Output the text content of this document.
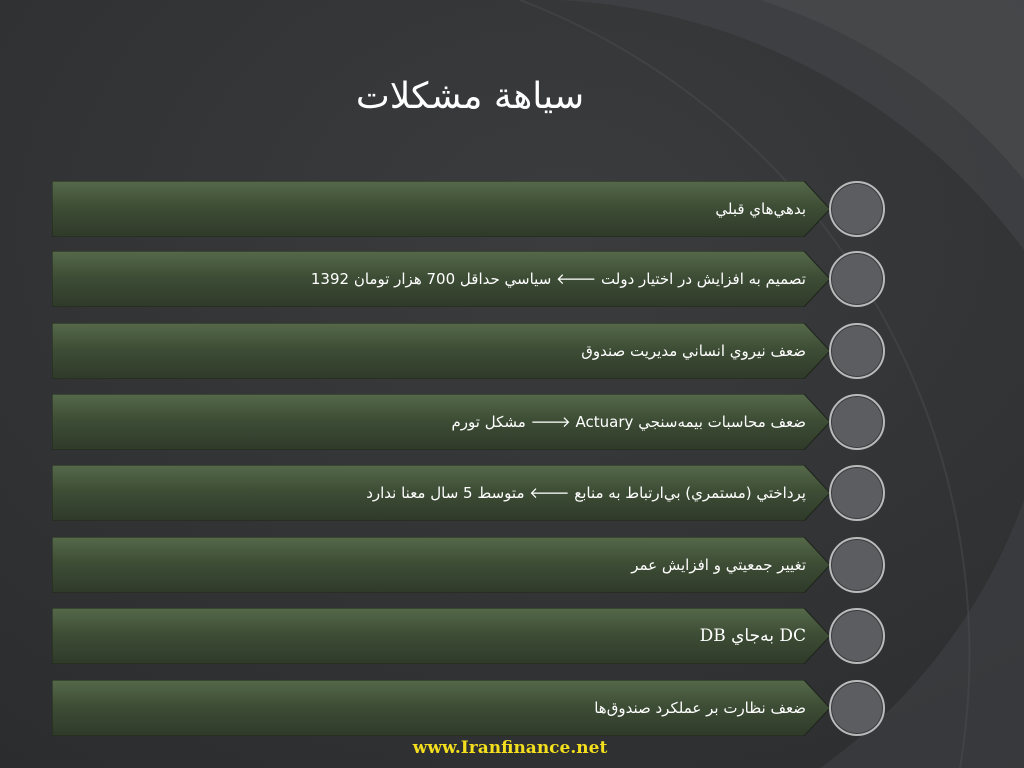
سیاهة مشکلات
بدهي‌هاي قبلي
تصميم به افزايش در اختيار دولت 🡐 سياسي حداقل 700 هزار تومان 1392
ضعف نيروي انساني مديريت صندوق
ضعف محاسبات بيمه‌سنجي Actuary 🡒 مشكل تورم
پرداختي (مستمري) بي‌ارتباط به منابع 🡐 متوسط 5 سال معنا ندارد
تغيير جمعيتي و افزايش عمر
DC به‌جاي DB
ضعف نظارت بر عملكرد صندوق‌ها
www.Iranfinance.net
